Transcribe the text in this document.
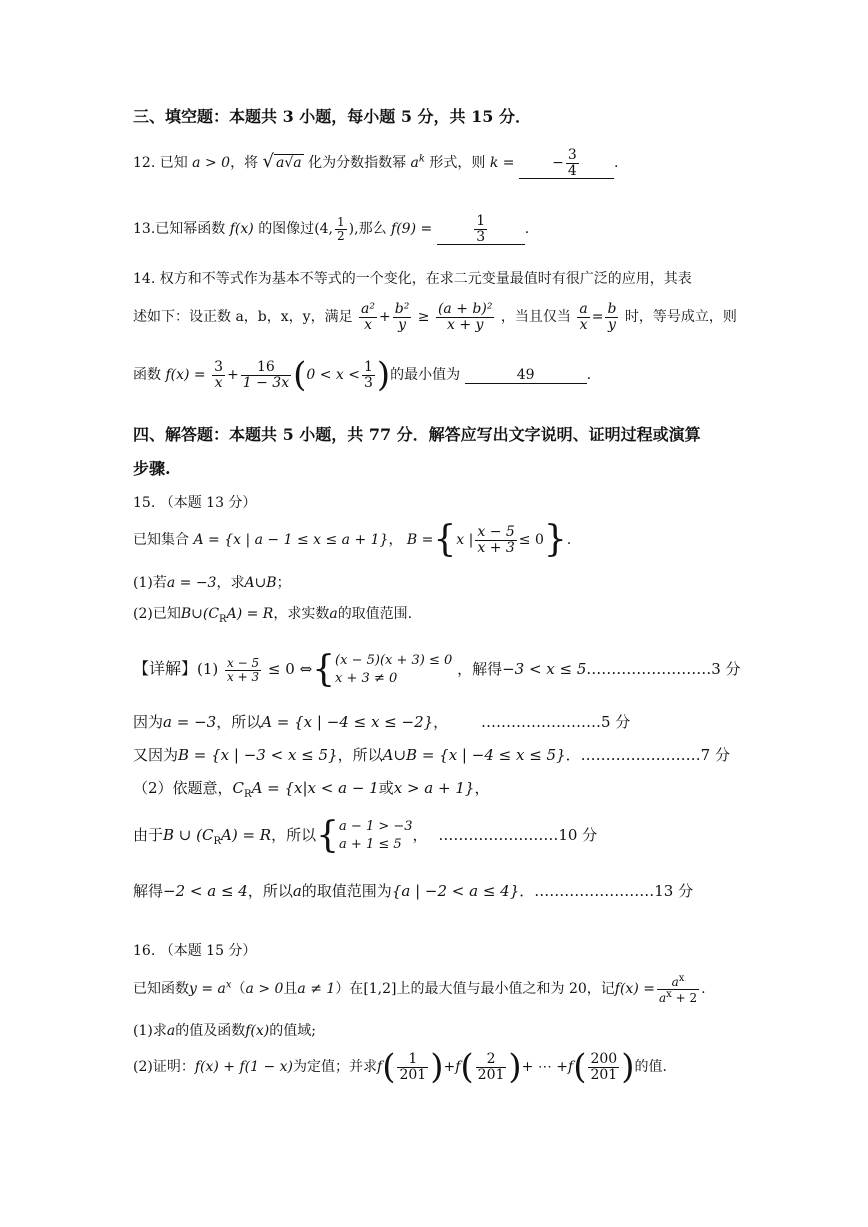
三、填空题：本题共 3 小题，每小题 5 分，共 15 分．
12. 已知 a > 0，将 √ a√a 化为分数指数幂 $a^k$ 形式，则 k =	− $\frac{3}{4}$	.
13.已知幂函数 f(x) 的图像过(4, $\frac{1}{2}$ ),那么 f(9) =	$\frac{1}{3}$	.
14. 权方和不等式作为基本不等式的一个变化，在求二元变量最值时有很广泛的应用，其表
述如下：设正数 a，b，x，y，满足 $\frac{\text{a²}}{x} + \frac{\text{b²}}{y} \ge \frac{\text{(a + b)²}}{x + y}$ ，当且仅当 $\frac{a}{x} = \frac{b}{y}$ 时，等号成立，则
函数 $f(x) = \frac{3}{x} + \frac{16}{1 - 3x} (0 < x < \frac{1}{3}$ )的最小值为	49	.
四、解答题：本题共 5 小题，共 77 分．解答应写出文字说明、证明过程或演算
步骤.
15. （本题 13 分）
已知集合 A = {x | a − 1 ≤ x ≤ a + 1}， B ={x | $\frac{x - 5}{x + 3} \le 0$}.
(1)若a = −3，求A∪B；
(2)已知$B\cup(C_RA) = R$，求实数a的取值范围.
【详解】$(1) \frac{x - 5}{x + 3} \le 0$ ⇔{(x − 5)(x + 3) ≤ 0
x + 3 ≠ 0 ，解得−3 < x ≤ 5.……………………3 分
因为a = −3，所以A = {x | −4 ≤ x ≤ −2}， ……………………5 分
又因为B = {x | −3 < x ≤ 5}，所以A∪B = {x | −4 ≤ x ≤ 5}．……………………7 分
（2）依题意，$C_RA = \{x|x < a - 1$或x > a + 1}，
由于B ∪ $(C_RA) = R$，所以{a − 1 > −3
a + 1 ≤ 5， ……………………10 分
解得−2 < a ≤ 4，所以a的取值范围为{a | −2 < a ≤ 4}．……………………13 分
16. （本题 15 分）
已知函数$y = a^x(a > 0$且a ≠ 1）在[1,2]上的最大值与最小值之和为 20，记$f(x) = \frac{a^x}{a^x + 2}$ .
(1)求a的值及函数f(x)的值域;
(2)证明：f(x) + f(1 − x)为定值；并求$f( \frac{1}{201} )+f( \frac{2}{201}$ )+ ⋯ $+f( \frac{200}{201}$ )的值.
